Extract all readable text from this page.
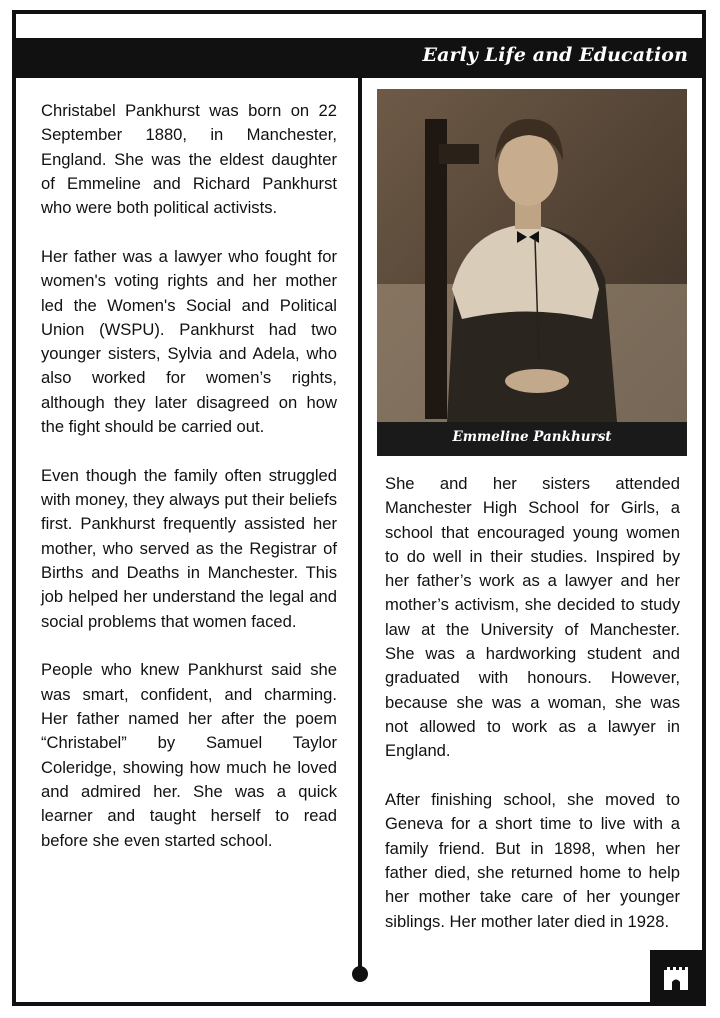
Early Life and Education

Christabel Pankhurst was born on 22 September 1880, in Manchester, England. She was the eldest daughter of Emmeline and Richard Pankhurst who were both political activists.

Her father was a lawyer who fought for women's voting rights and her mother led the Women's Social and Political Union (WSPU). Pankhurst had two younger sisters, Sylvia and Adela, who also worked for women’s rights, although they later disagreed on how the fight should be carried out.

Even though the family often struggled with money, they always put their beliefs first. Pankhurst frequently assisted her mother, who served as the Registrar of Births and Deaths in Manchester. This job helped her understand the legal and social problems that women faced.

People who knew Pankhurst said she was smart, confident, and charming. Her father named her after the poem “Christabel” by Samuel Taylor Coleridge, showing how much he loved and admired her. She was a quick learner and taught herself to read before she even started school.

Emmeline Pankhurst

She and her sisters attended Manchester High School for Girls, a school that encouraged young women to do well in their studies. Inspired by her father’s work as a lawyer and her mother’s activism, she decided to study law at the University of Manchester. She was a hardworking student and graduated with honours. However, because she was a woman, she was not allowed to work as a lawyer in England.

After finishing school, she moved to Geneva for a short time to live with a family friend. But in 1898, when her father died, she returned home to help her mother take care of her younger siblings. Her mother later died in 1928.
